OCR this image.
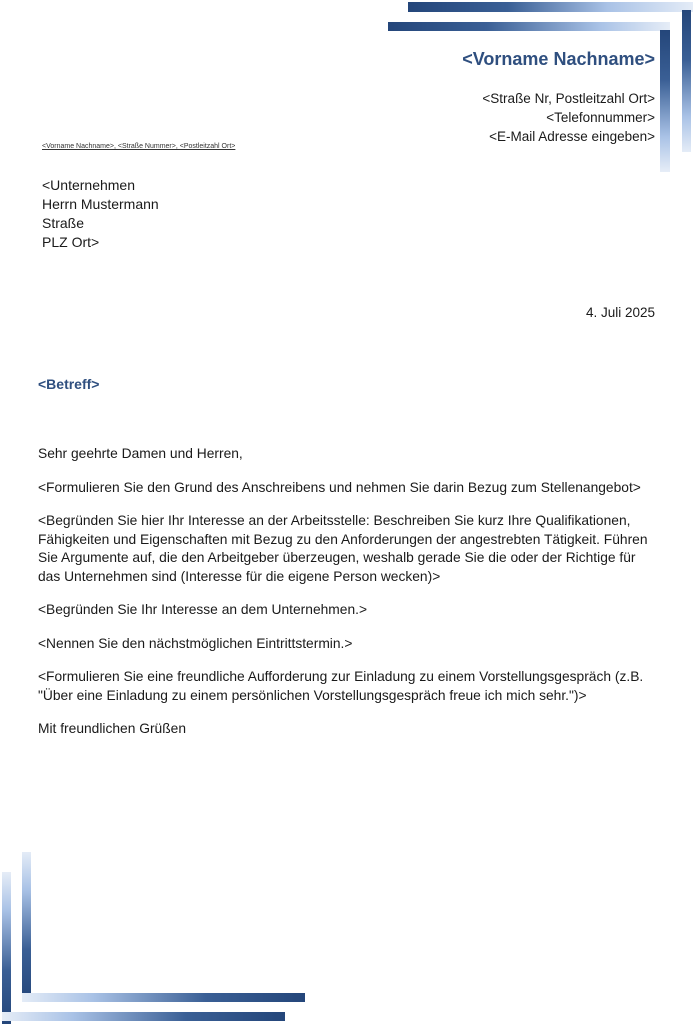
<Vorname Nachname>
<Straße Nr, Postleitzahl Ort>
<Telefonnummer>
<E-Mail Adresse eingeben>
<Vorname Nachname>, <Straße Nummer>, <Postleitzahl Ort>
<Unternehmen
Herrn Mustermann
Straße
PLZ Ort>
4. Juli 2025
<Betreff>

Sehr geehrte Damen und Herren,

<Formulieren Sie den Grund des Anschreibens und nehmen Sie darin Bezug zum Stellenangebot>

<Begründen Sie hier Ihr Interesse an der Arbeitsstelle: Beschreiben Sie kurz Ihre Qualifikationen, Fähigkeiten und Eigenschaften mit Bezug zu den Anforderungen der angestrebten Tätigkeit. Führen Sie Argumente auf, die den Arbeitgeber überzeugen, weshalb gerade Sie die oder der Richtige für das Unternehmen sind (Interesse für die eigene Person wecken)>

<Begründen Sie Ihr Interesse an dem Unternehmen.>

<Nennen Sie den nächstmöglichen Eintrittstermin.>

<Formulieren Sie eine freundliche Aufforderung zur Einladung zu einem Vorstellungsgespräch (z.B. "Über eine Einladung zu einem persönlichen Vorstellungsgespräch freue ich mich sehr.")>

Mit freundlichen Grüßen
